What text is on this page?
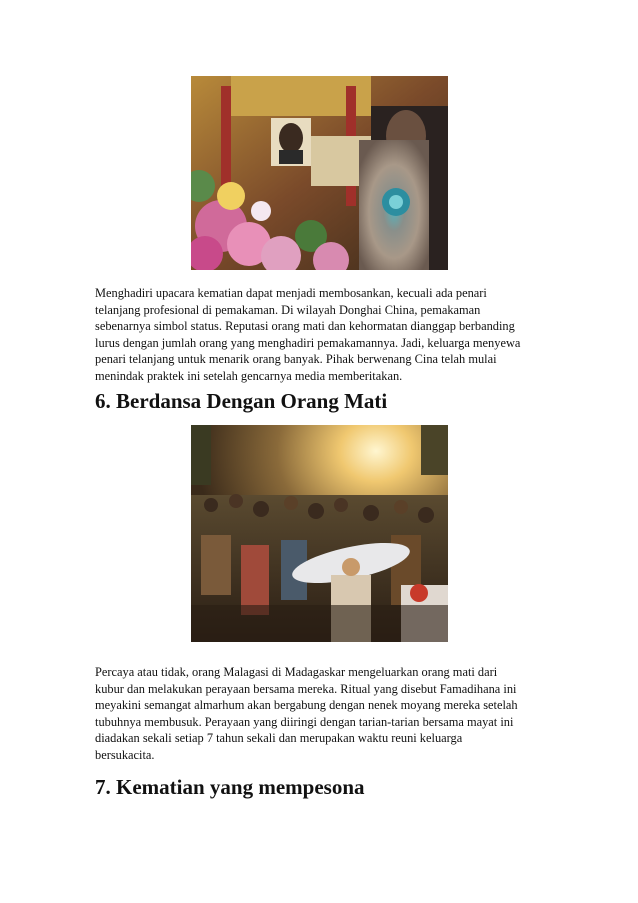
Menghadiri upacara kematian dapat menjadi membosankan, kecuali ada penari
telanjang profesional di pemakaman. Di wilayah Donghai China, pemakaman
sebenarnya simbol status. Reputasi orang mati dan kehormatan dianggap berbanding
lurus dengan jumlah orang yang menghadiri pemakamannya. Jadi, keluarga menyewa
penari telanjang untuk menarik orang banyak. Pihak berwenang Cina telah mulai
menindak praktek ini setelah gencarnya media memberitakan.

6. Berdansa Dengan Orang Mati

Percaya atau tidak, orang Malagasi di Madagaskar mengeluarkan orang mati dari
kubur dan melakukan perayaan bersama mereka. Ritual yang disebut Famadihana ini
meyakini semangat almarhum akan bergabung dengan nenek moyang mereka setelah
tubuhnya membusuk. Perayaan yang diiringi dengan tarian-tarian bersama mayat ini
diadakan sekali setiap 7 tahun sekali dan merupakan waktu reuni keluarga
bersukacita.

7. Kematian yang mempesona
